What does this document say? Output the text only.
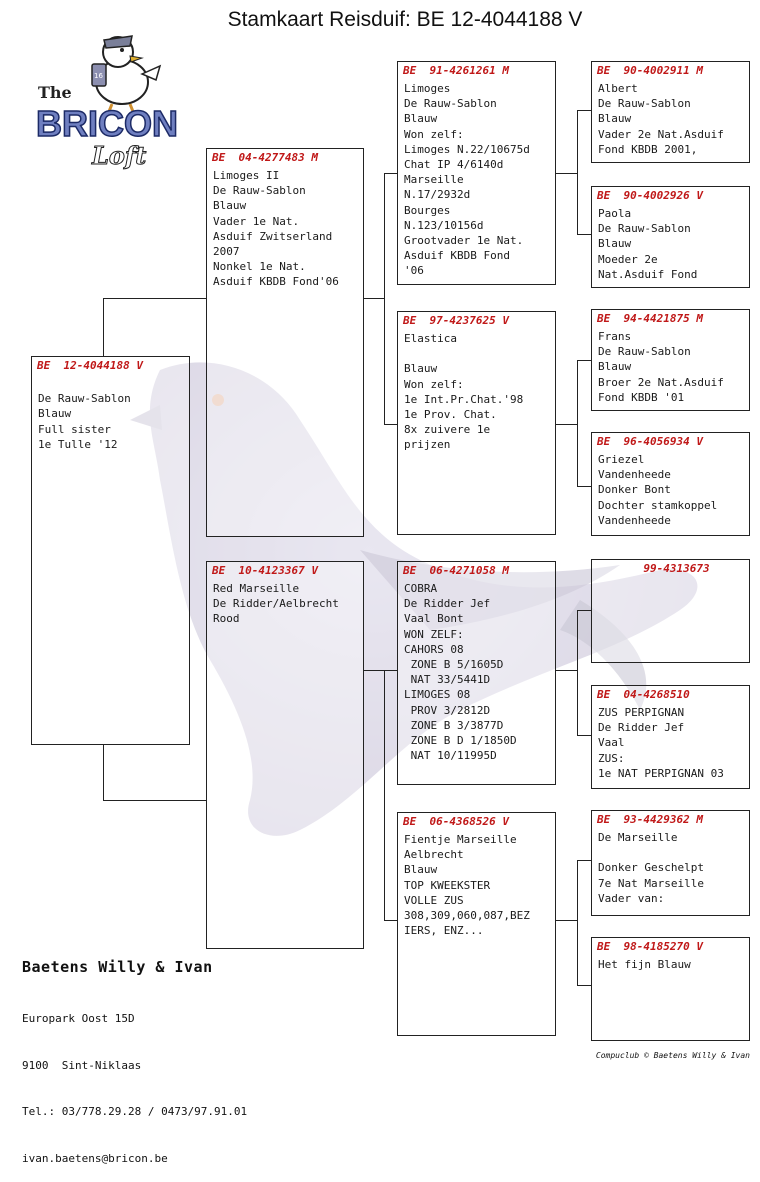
Stamkaart Reisduif: BE 12-4044188 V
16
The
BRICON
Loft
BE  12-4044188 V

De Rauw-Sablon
Blauw
Full sister
1e Tulle '12
BE  04-4277483 M
Limoges II
De Rauw-Sablon
Blauw
Vader 1e Nat.
Asduif Zwitserland
2007
Nonkel 1e Nat.
Asduif KBDB Fond'06
BE  10-4123367 V
Red Marseille
De Ridder/Aelbrecht
Rood
BE  91-4261261 M
Limoges
De Rauw-Sablon
Blauw
Won zelf:
Limoges N.22/10675d
Chat IP 4/6140d
Marseille
N.17/2932d
Bourges
N.123/10156d
Grootvader 1e Nat.
Asduif KBDB Fond
'06
BE  97-4237625 V
Elastica

Blauw
Won zelf:
1e Int.Pr.Chat.'98
1e Prov. Chat.
8x zuivere 1e
prijzen
BE  06-4271058 M
COBRA
De Ridder Jef
Vaal Bont
WON ZELF:
CAHORS 08
ZONE B 5/1605D
NAT 33/5441D
LIMOGES 08
PROV 3/2812D
ZONE B 3/3877D
ZONE B D 1/1850D
NAT 10/11995D
BE  06-4368526 V
Fientje Marseille
Aelbrecht
Blauw
TOP KWEEKSTER
VOLLE ZUS
308,309,060,087,BEZ
IERS, ENZ...
BE  90-4002911 M
Albert
De Rauw-Sablon
Blauw
Vader 2e Nat.Asduif
Fond KBDB 2001,
BE  90-4002926 V
Paola
De Rauw-Sablon
Blauw
Moeder 2e
Nat.Asduif Fond
BE  94-4421875 M
Frans
De Rauw-Sablon
Blauw
Broer 2e Nat.Asduif
Fond KBDB '01
BE  96-4056934 V
Griezel
Vandenheede
Donker Bont
Dochter stamkoppel
Vandenheede
99-4313673
BE  04-4268510
ZUS PERPIGNAN
De Ridder Jef
Vaal
ZUS:
1e NAT PERPIGNAN 03
BE  93-4429362 M
De Marseille

Donker Geschelpt
7e Nat Marseille
Vader van:
BE  98-4185270 V
Het fijn Blauw
Baetens Willy & Ivan

Europark Oost 15D

9100  Sint-Niklaas

Tel.: 03/778.29.28 / 0473/97.91.01

ivan.baetens@bricon.be

Compuclub © Baetens Willy & Ivan
